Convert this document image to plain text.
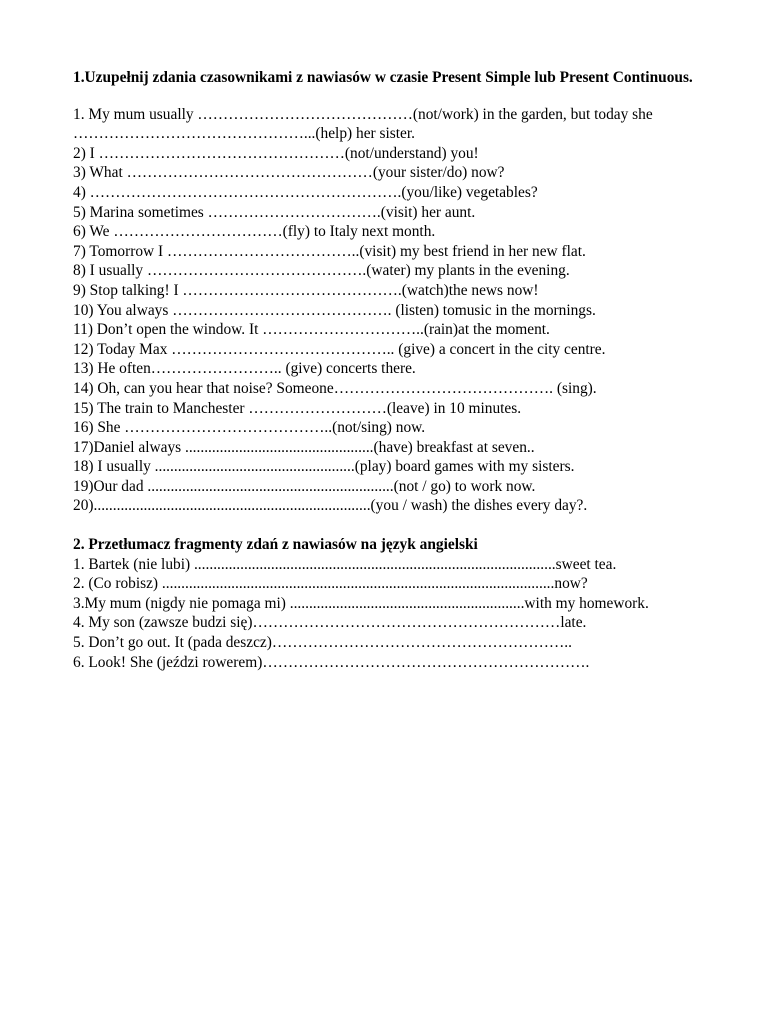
1.Uzupełnij zdania czasownikami z nawiasów w czasie Present Simple lub Present Continuous.

1. My mum usually ……………………………………(not/work) in the garden, but today she ………………………………………...(help) her sister.
2) I …………………………………………(not/understand) you!
3) What …………………………………………(your sister/do) now?
4) …………………………………………………….(you/like) vegetables?
5) Marina sometimes …………………………….(visit) her aunt.
6) We ……………………………(fly) to Italy next month.
7) Tomorrow I ………………………………..(visit) my best friend in her new flat.
8) I usually …………………………………….(water) my plants in the evening.
9) Stop talking! I …………………………………….(watch)the news now!
10) You always ……………………………………. (listen) tomusic in the mornings.
11) Don’t open the window. It …………………………..(rain)at the moment.
12) Today Max …………………………………….. (give) a concert in the city centre.
13) He often…………………….. (give) concerts there.
14) Oh, can you hear that noise? Someone……………………………………. (sing).
15) The train to Manchester ………………………(leave) in 10 minutes.
16) She …………………………………..(not/sing) now.
17)Daniel always .................................................(have) breakfast at seven..
18) I usually ....................................................(play) board games with my sisters.
19)Our dad ................................................................(not / go) to work now.
20)........................................................................(you / wash) the dishes every day?.

2. Przetłumacz fragmenty zdań z nawiasów na język angielski

1. Bartek (nie lubi) ..............................................................................................sweet tea.
2. (Co robisz) ......................................................................................................now?
3.My mum (nigdy nie pomaga mi) .............................................................with my homework.
4. My son (zawsze budzi się)……………………………………………………late.
5. Don’t go out. It (pada deszcz)…………………………………………………..
6. Look! She (jeździ rowerem)……………………………………………………….
